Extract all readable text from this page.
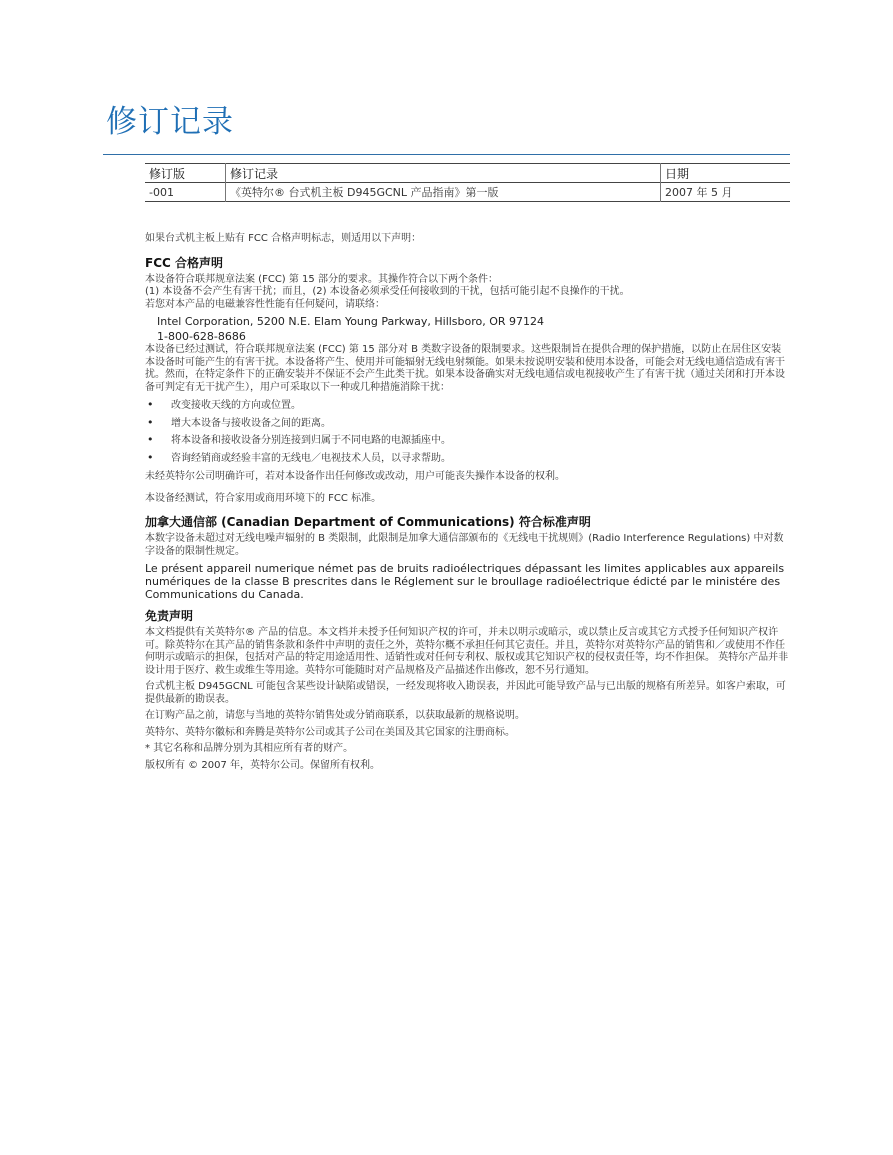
修订记录
修订版	修订记录	日期
-001	《英特尔® 台式机主板 D945GCNL 产品指南》第一版	2007 年 5 月

如果台式机主板上贴有 FCC 合格声明标志，则适用以下声明：

FCC 合格声明

本设备符合联邦规章法案 (FCC) 第 15 部分的要求。其操作符合以下两个条件：

(1) 本设备不会产生有害干扰；而且，(2) 本设备必须承受任何接收到的干扰，包括可能引起不良操作的干扰。

若您对本产品的电磁兼容性性能有任何疑问，请联络：

Intel Corporation, 5200 N.E. Elam Young Parkway, Hillsboro, OR 97124

1-800-628-8686

本设备已经过测试，符合联邦规章法案 (FCC) 第 15 部分对 B 类数字设备的限制要求。这些限制旨在提供合理的保护措施，以防止在居住区安装本设备时可能产生的有害干扰。本设备将产生、使用并可能辐射无线电射频能。如果未按说明安装和使用本设备，可能会对无线电通信造成有害干扰。然而，在特定条件下的正确安装并不保证不会产生此类干扰。如果本设备确实对无线电通信或电视接收产生了有害干扰（通过关闭和打开本设备可判定有无干扰产生），用户可采取以下一种或几种措施消除干扰：

• 改变接收天线的方向或位置。
• 增大本设备与接收设备之间的距离。
• 将本设备和接收设备分别连接到归属于不同电路的电源插座中。
• 咨询经销商或经验丰富的无线电／电视技术人员，以寻求帮助。

未经英特尔公司明确许可，若对本设备作出任何修改或改动，用户可能丧失操作本设备的权利。

本设备经测试，符合家用或商用环境下的 FCC 标准。

加拿大通信部 (Canadian Department of Communications) 符合标准声明

本数字设备未超过对无线电噪声辐射的 B 类限制，此限制是加拿大通信部颁布的《无线电干扰规则》(Radio Interference Regulations) 中对数字设备的限制性规定。

Le présent appareil numerique német pas de bruits radioélectriques dépassant les limites applicables aux appareils numériques de la classe B prescrites dans le Réglement sur le broullage radioélectrique édicté par le ministére des Communications du Canada.

免责声明

本文档提供有关英特尔® 产品的信息。本文档并未授予任何知识产权的许可，并未以明示或暗示，或以禁止反言或其它方式授予任何知识产权许可。除英特尔在其产品的销售条款和条件中声明的责任之外，英特尔概不承担任何其它责任。并且，英特尔对英特尔产品的销售和／或使用不作任何明示或暗示的担保，包括对产品的特定用途适用性、适销性或对任何专利权、版权或其它知识产权的侵权责任等，均不作担保。 英特尔产品并非设计用于医疗、救生或维生等用途。英特尔可能随时对产品规格及产品描述作出修改，恕不另行通知。

台式机主板 D945GCNL 可能包含某些设计缺陷或错误，一经发现将收入勘误表，并因此可能导致产品与已出版的规格有所差异。如客户索取，可提供最新的勘误表。

在订购产品之前，请您与当地的英特尔销售处或分销商联系，以获取最新的规格说明。

英特尔、英特尔徽标和奔腾是英特尔公司或其子公司在美国及其它国家的注册商标。

* 其它名称和品牌分别为其相应所有者的财产。

版权所有 © 2007 年，英特尔公司。保留所有权利。
